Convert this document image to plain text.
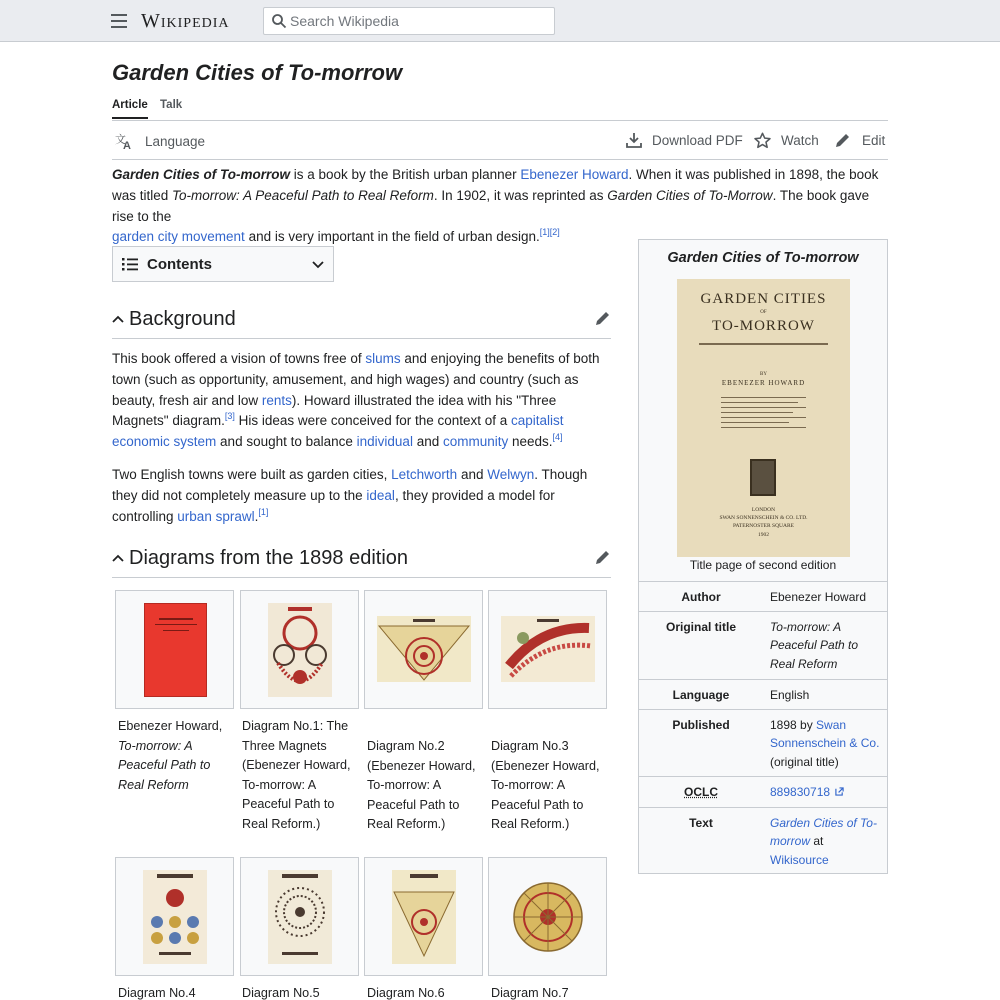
Wikipedia
Search Wikipedia
Garden Cities of To-morrow
Article Talk
文
A Language	Download PDF	Watch	Edit

Garden Cities of To-morrow is a book by the British urban planner Ebenezer Howard. When it was published in 1898, the book was titled To-morrow: A Peaceful Path to Real Reform. In 1902, it was reprinted as Garden Cities of To-Morrow. The book gave rise to the
garden city movement and is very important in the field of urban design.[1][2]

Contents
Background

This book offered a vision of towns free of slums and enjoying the benefits of both town (such as opportunity, amusement, and high wages) and country (such as beauty, fresh air and low rents). Howard illustrated the idea with his "Three Magnets" diagram.[3] His ideas were conceived for the context of a capitalist economic system and sought to balance individual and community needs.[4]

Two English towns were built as garden cities, Letchworth and Welwyn. Though they did not completely measure up to the ideal, they provided a model for controlling urban sprawl.[1]

Diagrams from the 1898 edition

Ebenezer Howard, To-morrow: A Peaceful Path to Real Reform

Diagram No.1: The Three Magnets (Ebenezer Howard, To-morrow: A Peaceful Path to Real Reform.)

Diagram No.2 (Ebenezer Howard, To-morrow: A Peaceful Path to Real Reform.)

Diagram No.3 (Ebenezer Howard, To-morrow: A Peaceful Path to Real Reform.)

Diagram No.4	Diagram No.5	Diagram No.6	Diagram No.7

Garden Cities of To-morrow
GARDEN CITIES
OF
TO-MORROW
BY
EBENEZER HOWARD
LONDON
SWAN SONNENSCHEIN & CO. LTD.
PATERNOSTER SQUARE
1902
Title page of second edition
Author	Ebenezer Howard
Original title	To-morrow: A Peaceful Path to Real Reform
Language	English
Published	1898 by Swan Sonnenschein & Co. (original title)
OCLC	889830718
Text	Garden Cities of To-morrow at Wikisource
